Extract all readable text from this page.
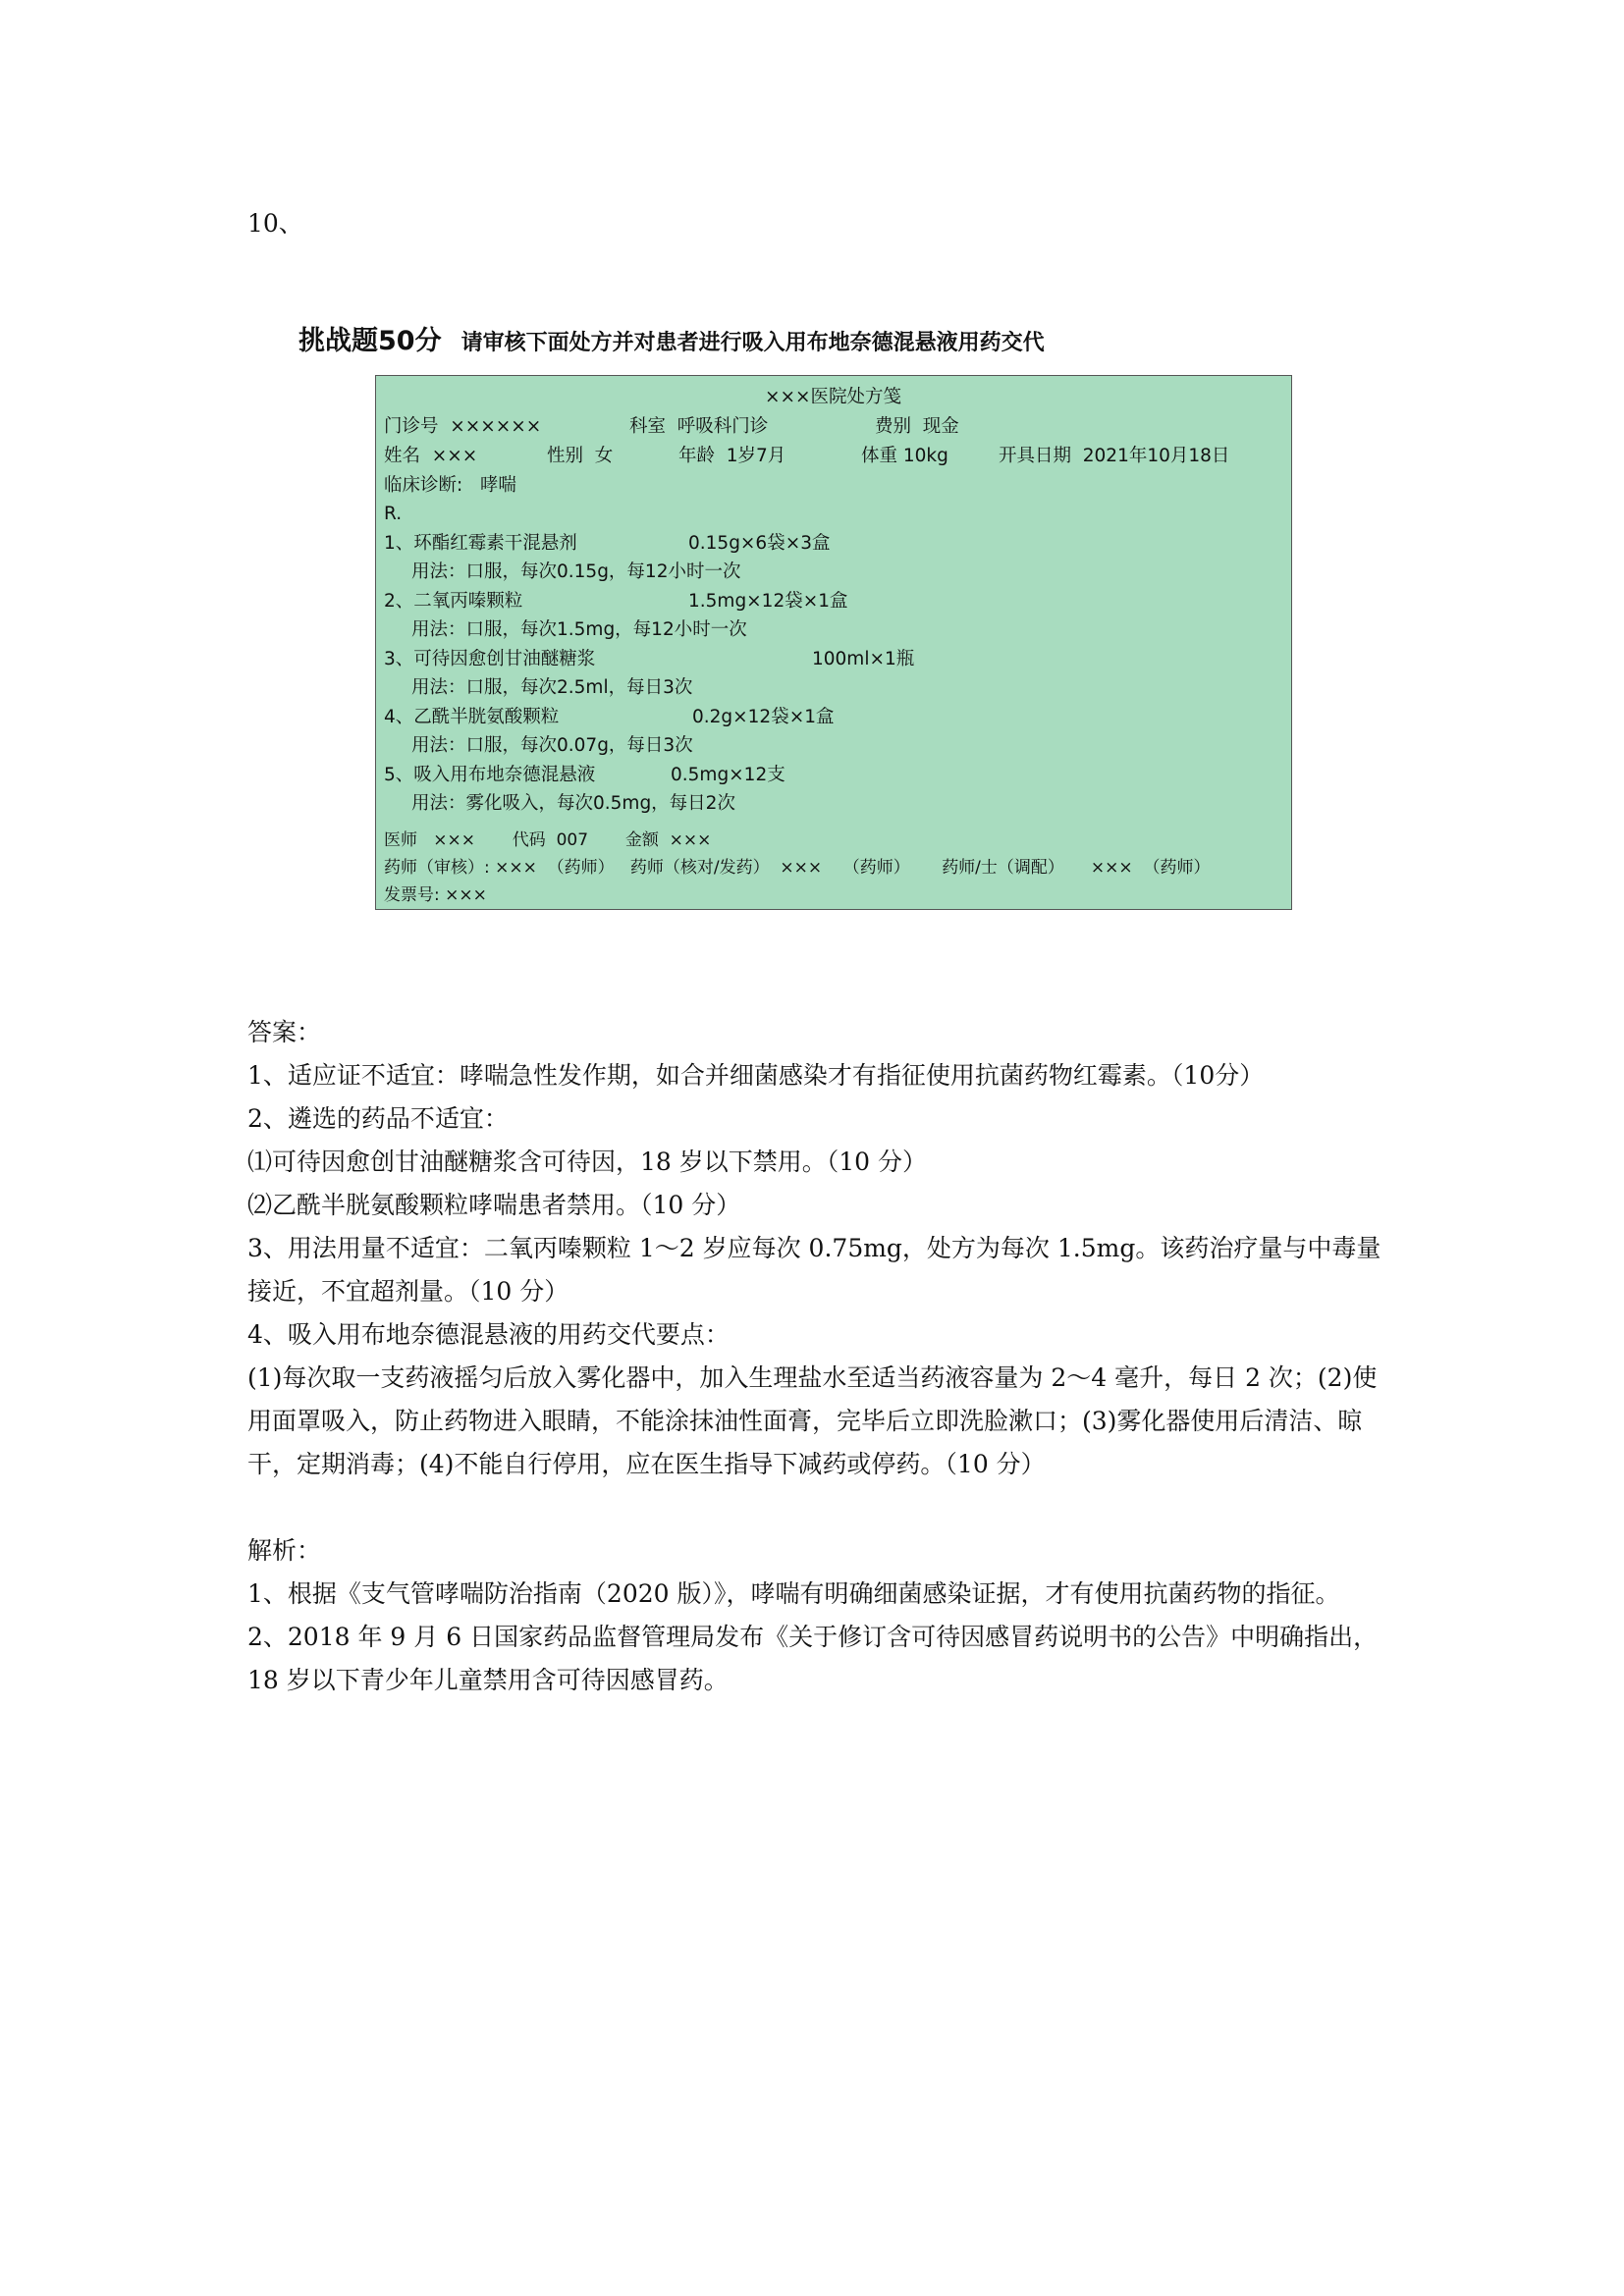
10、
挑战题50分 请审核下面处方并对患者进行吸入用布地奈德混悬液用药交代
×××医院处方笺
门诊号  ××××××	科室  呼吸科门诊	费别  现金
姓名  ×××	性别  女	年龄  1岁7月	体重 10kg	开具日期  2021年10月18日
临床诊断:   哮喘
R.
1、环酯红霉素干混悬剂	0.15g×6袋×3盒
用法：口服，每次0.15g，每12小时一次
2、二氧丙嗪颗粒	1.5mg×12袋×1盒
用法：口服，每次1.5mg，每12小时一次
3、可待因愈创甘油醚糖浆	100ml×1瓶
用法：口服，每次2.5ml，每日3次
4、乙酰半胱氨酸颗粒	0.2g×12袋×1盒
用法：口服，每次0.07g，每日3次
5、吸入用布地奈德混悬液	0.5mg×12支
用法：雾化吸入，每次0.5mg，每日2次
医师   ×××       代码  007       金额  ×××
药师（审核）: ×××  （药师）   药师（核对/发药）  ×××    （药师）      药师/士（调配）     ×××  （药师）
发票号: ×××

答案：

1、适应证不适宜：哮喘急性发作期，如合并细菌感染才有指征使用抗菌药物红霉素。（10分）

2、遴选的药品不适宜：

⑴可待因愈创甘油醚糖浆含可待因，18 岁以下禁用。（10 分）

⑵乙酰半胱氨酸颗粒哮喘患者禁用。（10 分）

3、用法用量不适宜：二氧丙嗪颗粒 1～2 岁应每次 0.75mg，处方为每次 1.5mg。该药治疗量与中毒量接近，不宜超剂量。（10 分）

4、吸入用布地奈德混悬液的用药交代要点：

(1)每次取一支药液摇匀后放入雾化器中，加入生理盐水至适当药液容量为 2～4 毫升，每日 2 次；(2)使用面罩吸入，防止药物进入眼睛，不能涂抹油性面膏，完毕后立即洗脸漱口；(3)雾化器使用后清洁、晾干，定期消毒；(4)不能自行停用，应在医生指导下减药或停药。（10 分）

解析：

1、根据《支气管哮喘防治指南（2020 版）》，哮喘有明确细菌感染证据，才有使用抗菌药物的指征。

2、2018 年 9 月 6 日国家药品监督管理局发布《关于修订含可待因感冒药说明书的公告》中明确指出，18 岁以下青少年儿童禁用含可待因感冒药。
